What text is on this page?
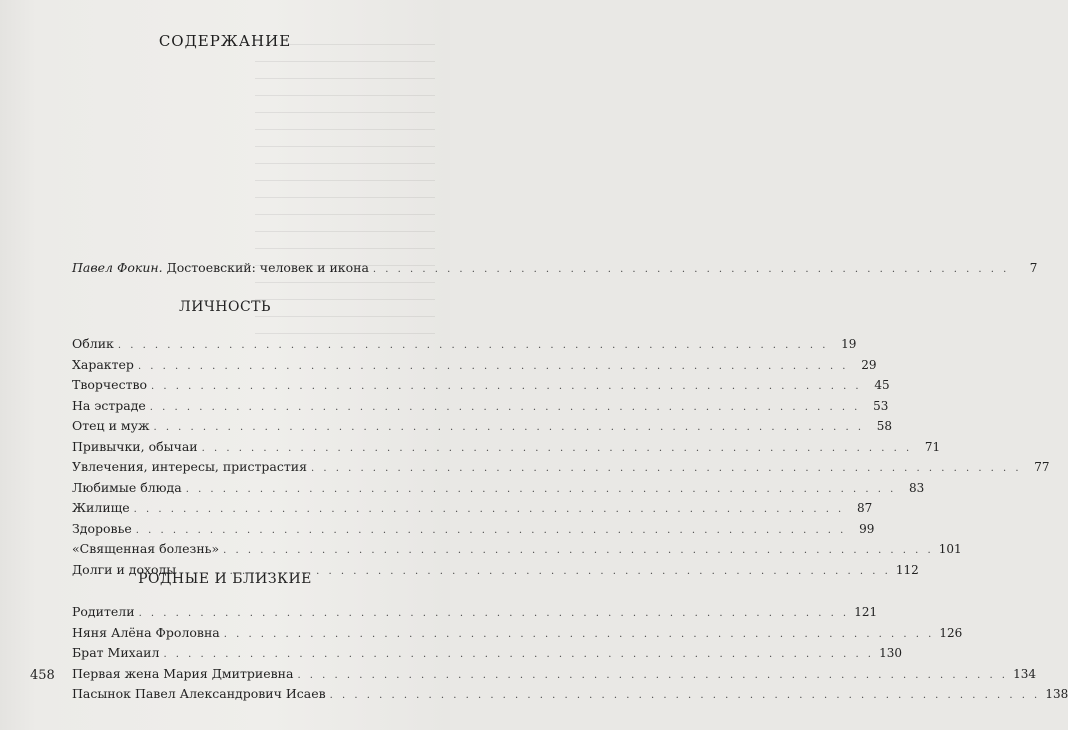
СОДЕРЖАНИЕ
Павел Фокин. Достоевский: человек и икона . . . . . . . . . . . . . . . . . . . . . . . . . . . . . . . . . . . . . . . . . . . . . . . . . . . .	7
ЛИЧНОСТЬ
Облик . . . . . . . . . . . . . . . . . . . . . . . . . . . . . . . . . . . . . . . . . . . . . . . . . . . . . . . . . .	19
Характер . . . . . . . . . . . . . . . . . . . . . . . . . . . . . . . . . . . . . . . . . . . . . . . . . . . . . . . . . .	29
Творчество . . . . . . . . . . . . . . . . . . . . . . . . . . . . . . . . . . . . . . . . . . . . . . . . . . . . . . . . . .	45
На эстраде . . . . . . . . . . . . . . . . . . . . . . . . . . . . . . . . . . . . . . . . . . . . . . . . . . . . . . . . . .	53
Отец и муж . . . . . . . . . . . . . . . . . . . . . . . . . . . . . . . . . . . . . . . . . . . . . . . . . . . . . . . . . .	58
Привычки, обычаи . . . . . . . . . . . . . . . . . . . . . . . . . . . . . . . . . . . . . . . . . . . . . . . . . . . . . . . . . .	71
Увлечения, интересы, пристрастия . . . . . . . . . . . . . . . . . . . . . . . . . . . . . . . . . . . . . . . . . . . . . . . . . . . . . . . . . .	77
Любимые блюда . . . . . . . . . . . . . . . . . . . . . . . . . . . . . . . . . . . . . . . . . . . . . . . . . . . . . . . . . .	83
Жилище . . . . . . . . . . . . . . . . . . . . . . . . . . . . . . . . . . . . . . . . . . . . . . . . . . . . . . . . . .	87
Здоровье . . . . . . . . . . . . . . . . . . . . . . . . . . . . . . . . . . . . . . . . . . . . . . . . . . . . . . . . . .	99
«Священная болезнь» . . . . . . . . . . . . . . . . . . . . . . . . . . . . . . . . . . . . . . . . . . . . . . . . . . . . . . . . . . 101
Долги и доходы . . . . . . . . . . . . . . . . . . . . . . . . . . . . . . . . . . . . . . . . . . . . . . . . . . . . . . . . . . 112
РОДНЫЕ И БЛИЗКИЕ
Родители . . . . . . . . . . . . . . . . . . . . . . . . . . . . . . . . . . . . . . . . . . . . . . . . . . . . . . . . . . 121
Няня Алёна Фроловна . . . . . . . . . . . . . . . . . . . . . . . . . . . . . . . . . . . . . . . . . . . . . . . . . . . . . . . . . . 126
Брат Михаил . . . . . . . . . . . . . . . . . . . . . . . . . . . . . . . . . . . . . . . . . . . . . . . . . . . . . . . . . . 130
Первая жена Мария Дмитриевна . . . . . . . . . . . . . . . . . . . . . . . . . . . . . . . . . . . . . . . . . . . . . . . . . . . . . . . . . . 134
Пасынок Павел Александрович Исаев . . . . . . . . . . . . . . . . . . . . . . . . . . . . . . . . . . . . . . . . . . . . . . . . . . . . . . . . . . 138
458
